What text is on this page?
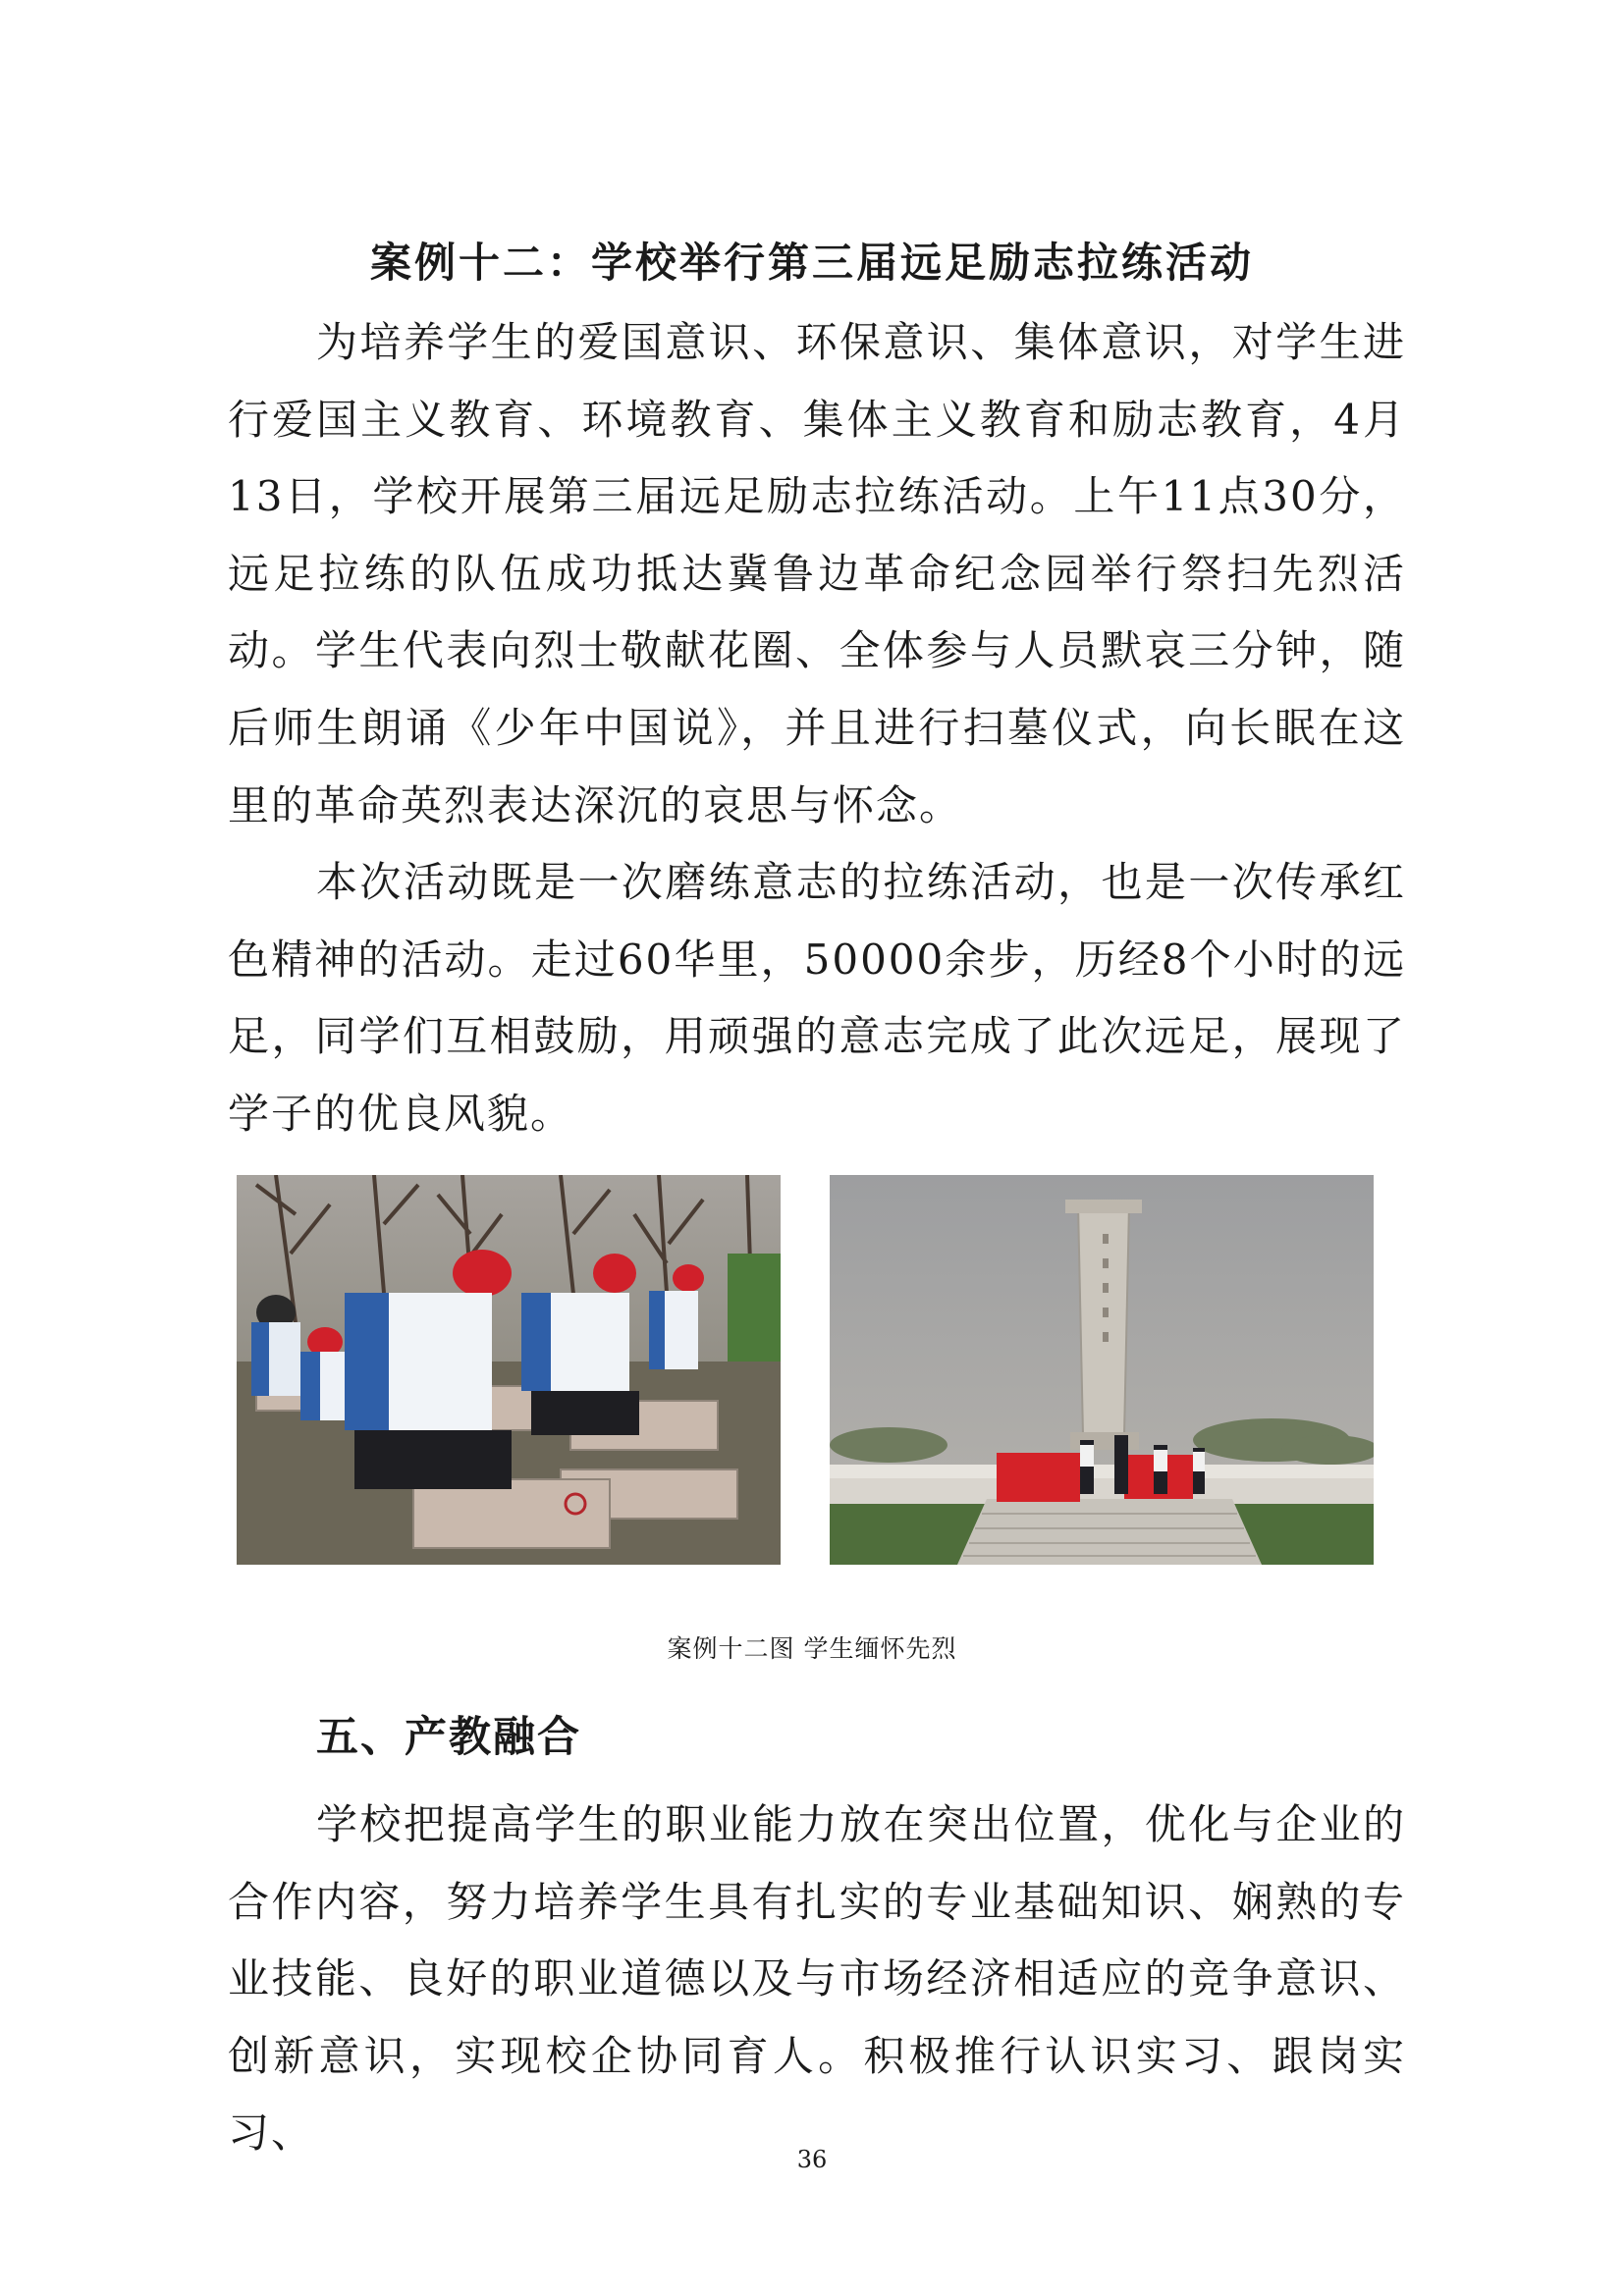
案例十二：学校举行第三届远足励志拉练活动

为培养学生的爱国意识、环保意识、集体意识，对学生进行爱国主义教育、环境教育、集体主义教育和励志教育，4月13日，学校开展第三届远足励志拉练活动。上午11点30分，远足拉练的队伍成功抵达冀鲁边革命纪念园举行祭扫先烈活动。学生代表向烈士敬献花圈、全体参与人员默哀三分钟，随后师生朗诵《少年中国说》，并且进行扫墓仪式，向长眠在这里的革命英烈表达深沉的哀思与怀念。

本次活动既是一次磨练意志的拉练活动，也是一次传承红色精神的活动。走过60华里，50000余步，历经8个小时的远足，同学们互相鼓励，用顽强的意志完成了此次远足，展现了学子的优良风貌。

案例十二图 学生缅怀先烈

五、产教融合

学校把提高学生的职业能力放在突出位置，优化与企业的合作内容，努力培养学生具有扎实的专业基础知识、娴熟的专业技能、良好的职业道德以及与市场经济相适应的竞争意识、创新意识，实现校企协同育人。积极推行认识实习、跟岗实习、

36
